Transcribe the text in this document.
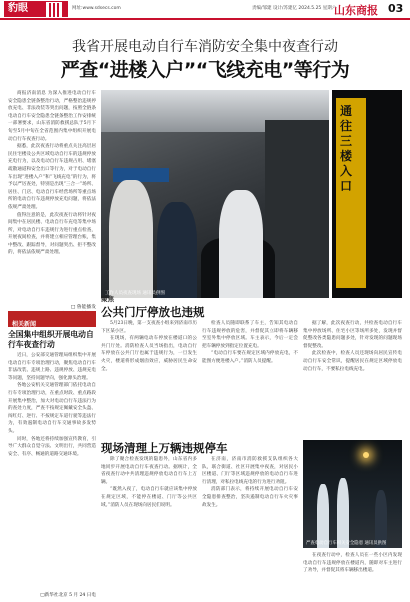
豹眼	网址:www.sdsecs.com	责编/邹建 设计/苏建亿 2024.5.25 星期六
山东商报 03
我省开展电动自行车消防安全集中夜查行动
严查“进楼入户”“飞线充电”等行为

商报济南消息 为深入推进电动自行车安全隐患全链条整治行动，严格整治违规停放充电、非法改装等突出问题，按照全链条电动自行车安全隐患全链条整治工作安排统一部署要求，山东省消防救援总队于5月下旬至5月中旬在全省范围内集中组织开展电动自行车夜查行动。

据悉，此次夜查行动将重点关注高层居民住宅楼及公共区域电动自行车的违规停放充电行为，以及电动自行车违规占用、堵塞疏散通道和安全出口等行为，对于电动自行车出现“进楼入户”和“飞线充电”的行为，将予以严厉查处，特别是出现“三合一”场所、居住、门店、电动自行车经营场所等重点场所的电动自行车违规停放充电问题，将依法依规严肃处理。

值得注意的是，此次夜查行动将针对夜间集中在居民楼、电动自行车充电等集中场所，对电动自行车违规行为进行重点检查，开展夜间检查，并将建立相应管理台账，集中整改、跟踪督导，对问题突出、拒不整改的，将依法依规严肃处理。

□ 鲁能播发
工作人员夜查现场 通讯员供图
通往三楼入口
相关新闻
全国集中组织开展电动自行车夜查行动

近日，公安部交通管理局组织集中开展电动自行车专项治理行动，聚焦电动自行车非法改装、违规上路、违规停放、违规充电等问题，坚持问题导向，强化源头治理。

各地公安机关交通管理部门依托电动自行车专项治理行动，在重点时段、重点路段开展集中整治，加大对电动自行车违法行为的查处力度，严查不按规定佩戴安全头盔、闯红灯、逆行、不按规定车道行驶等违法行为，有效遏制电动自行车交通事故多发势头。

同时，各地还将持续加强宣传教育，引导广大群众自觉守法、文明出行，共同营造安全、有序、畅通的道路交通环境。

□新华社北京 5 月 24 日电
聚焦
公共门厅停放也违规

5月23日晚，第一支夜查小组来到济南市历下区某小区。

在现场，有两辆电动车停放在楼道口的公共门厅处。消防检查人员当场指出，电动自行车停放在公共门厅也属于违规行为，一旦发生火灾，楼道将形成烟囱效应，威胁居民生命安全。

检查人员随即联系了车主，告知其电动自行车违规停放的危害，并督促其立即将车辆移至室外集中停放区域。车主表示，今后一定会把车辆停放到指定位置充电。

“电动自行车要在规定区域内停放充电，不能图方便进楼入户。”消防人员提醒。

据了解，此次夜查行动，共检查电动自行车集中停放场所、住宅小区等场所多处，发现并督促整改各类隐患问题多处，针对发现的问题现场督促整改。

此次检查中，检查人员还现场向居民宣传电动自行车安全常识，提醒居民在规定区域停放电动自行车，不要私拉电线充电。

现场清理上万辆违规停车

除了聚合检查发现的隐患外，山东省内多地同步开展电动自行车夜查行动。据统计，全省夜查行动中共清理违规停放电动自行车上万辆。

“既然入夜了，电动自行车就应该集中停放在规定区域，不能停在楼道、门厅等公共区域。”消防人员在现场向居民们说明。

在济南，济南市消防救援支队组织各大队，联合街道、社区开展集中夜查，对居民小区楼道、门厅等区域违规停放的电动自行车进行清理，对私拉电线充电的行为进行劝阻。

消防部门表示，将持续开展电动自行车安全隐患排查整治，坚决遏制电动自行车火灾事故发生。

严查电动自行车相关安全隐患 通讯员供图

在夜查行动中，检查人员在一些小区内发现电动自行车违规停放在楼道内，随即对车主进行了劝导，并督促其将车辆移出楼道。
